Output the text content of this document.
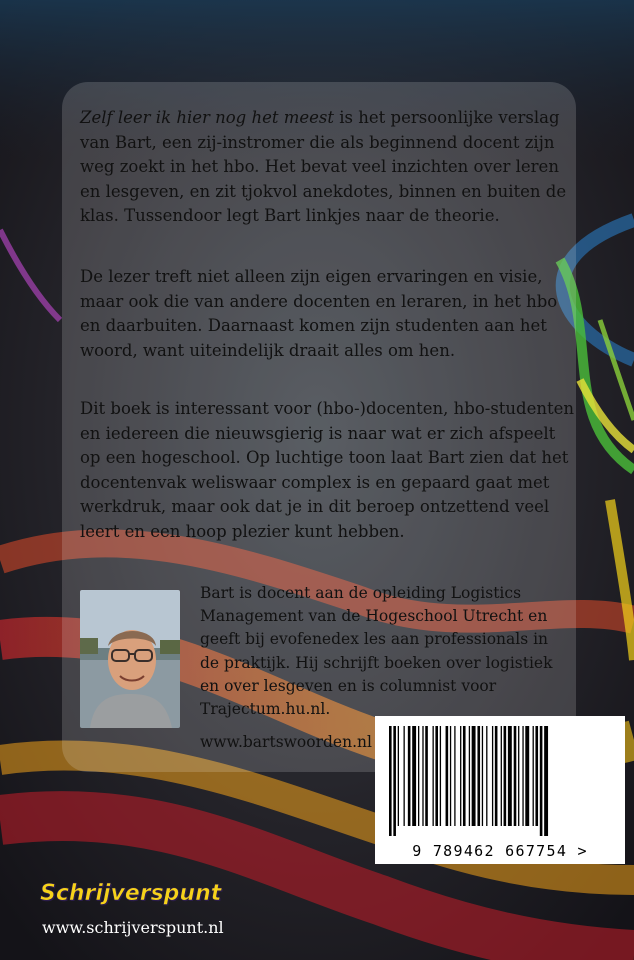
Zelf leer ik hier nog het meest is het persoonlijke verslag van Bart, een zij-instromer die als beginnend docent zijn weg zoekt in het hbo. Het bevat veel inzichten over leren en lesgeven, en zit tjokvol anekdotes, binnen en buiten de klas. Tussendoor legt Bart linkjes naar de theorie.

De lezer treft niet alleen zijn eigen ervaringen en visie, maar ook die van andere docenten en leraren, in het hbo en daarbuiten. Daarnaast komen zijn studenten aan het woord, want uiteindelijk draait alles om hen.

Dit boek is interessant voor (hbo-)docenten, hbo-studenten en iedereen die nieuwsgierig is naar wat er zich afspeelt op een hogeschool. Op luchtige toon laat Bart zien dat het docentenvak weliswaar complex is en gepaard gaat met werkdruk, maar ook dat je in dit beroep ontzettend veel leert en een hoop plezier kunt hebben.

Bart is docent aan de opleiding Logistics Management van de Hogeschool Utrecht en geeft bij evofenedex les aan professionals in de praktijk. Hij schrijft boeken over logistiek en over lesgeven en is columnist voor Trajectum.hu.nl.

www.bartswoorden.nl
9 789462 667754 >
Schrijverspunt
www.schrijverspunt.nl
